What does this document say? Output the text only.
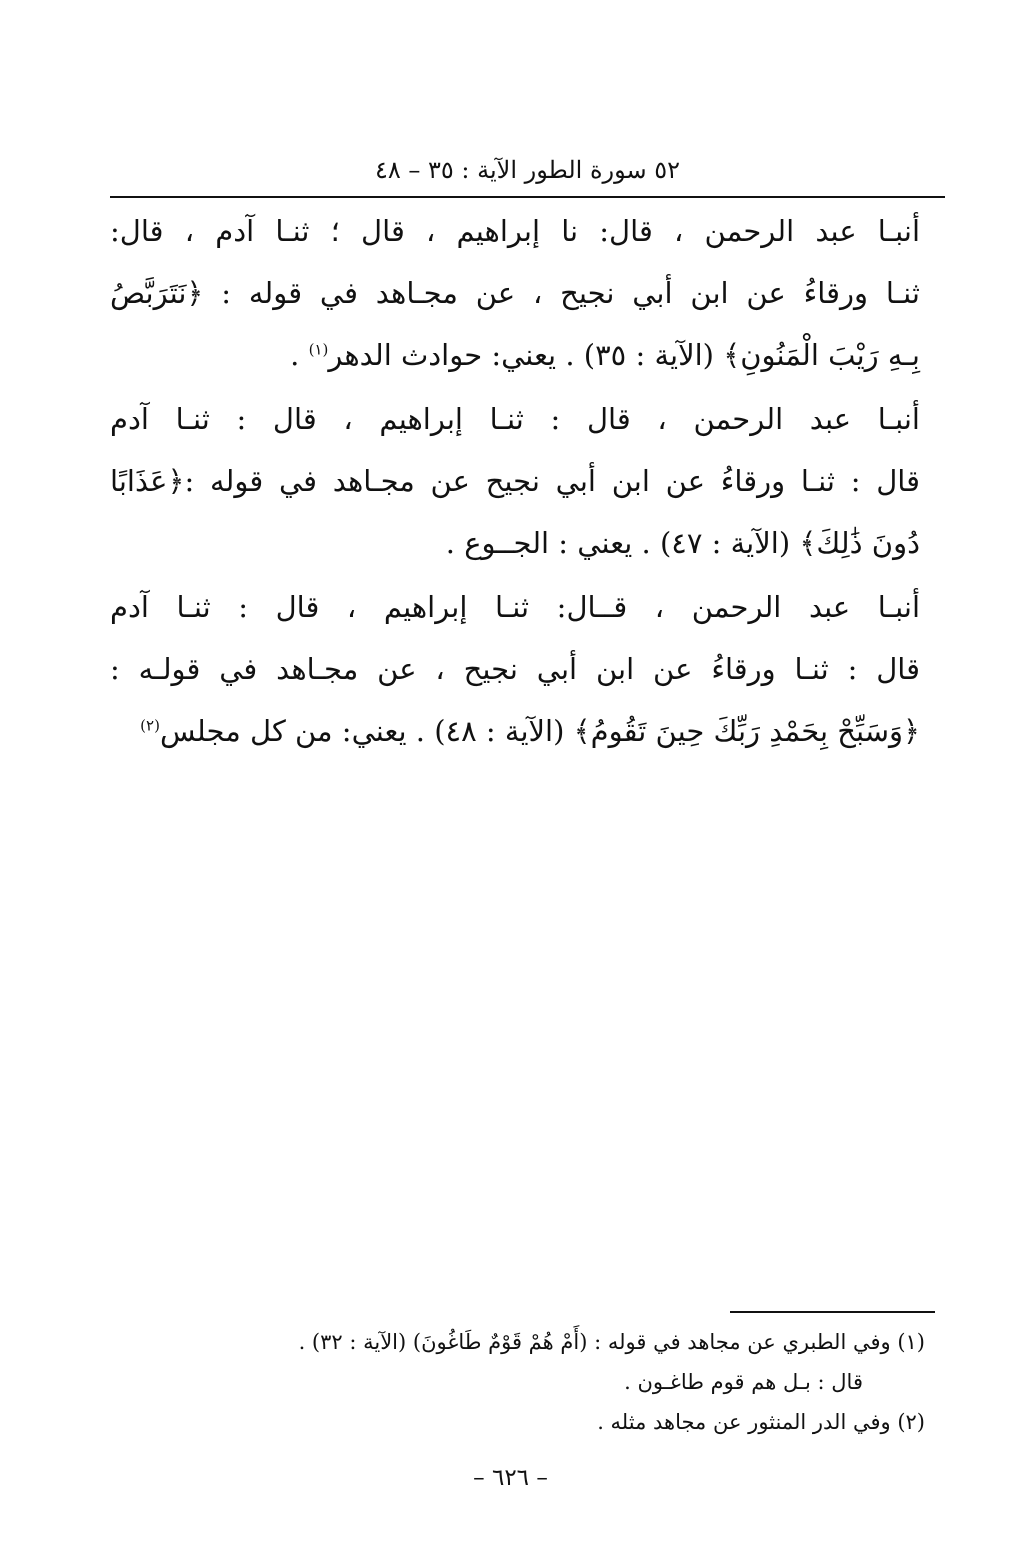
٥٢ سورة الطور الآية : ٣٥ – ٤٨
أنبـا عبد الرحمن ، قال: نا إبراهيم ، قال ؛ ثنـا آدم ، قال:
ثنـا ورقاءُ عن ابن أبي نجيح ، عن مجـاهد في قوله : ﴿نَتَرَبَّصُ
بِـهِ رَيْبَ الْمَنُونِ﴾ (الآية : ٣٥) . يعني: حوادث الدهر$^{(١)}$ .
أنبـا عبد الرحمن ، قال : ثنـا إبراهيم ، قال : ثنـا آدم
قال : ثنـا ورقاءُ عن ابن أبي نجيح عن مجـاهد في قوله :﴿عَذَابًا
دُونَ ذَٰلِكَ﴾ (الآية : ٤٧) . يعني : الجــوع .
أنبـا عبد الرحمن ، قــال: ثنـا إبراهيم ، قال : ثنـا آدم
قال : ثنـا ورقاءُ عن ابن أبي نجيح ، عن مجـاهد في قولـه :
﴿وَسَبِّحْ بِحَمْدِ رَبِّكَ حِينَ تَقُومُ﴾ (الآية : ٤٨) . يعني: من كل مجلس$^{(٢)}$
(١) وفي الطبري عن مجاهد في قوله : (أَمْ هُمْ قَوْمٌ طَاغُونَ) (الآية : ٣٢) .
قال : بـل هم قوم طاغـون .
(٢) وفي الدر المنثور عن مجاهد مثله .
– ٦٢٦ –
